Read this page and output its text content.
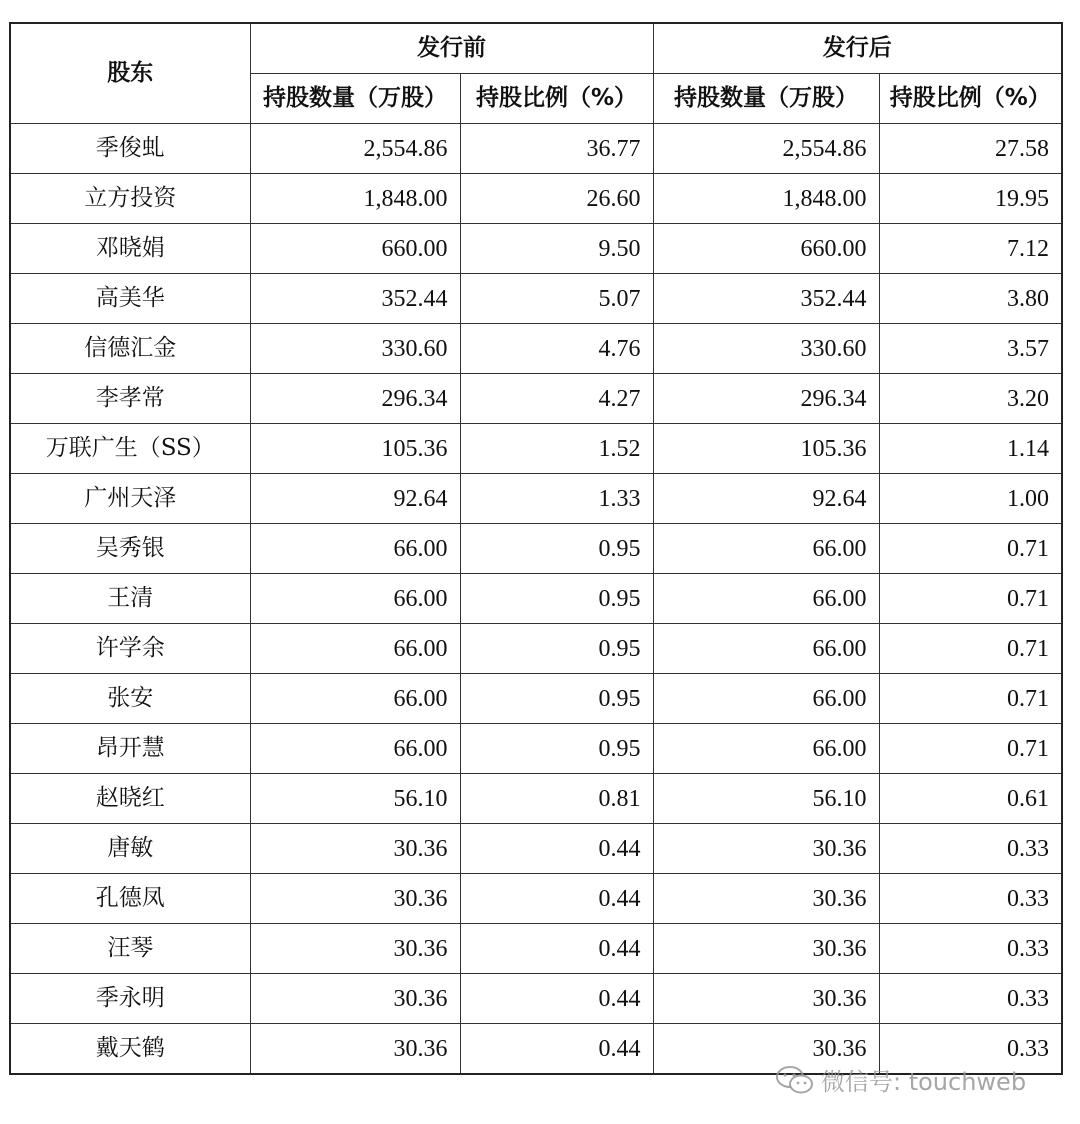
股东	发行前		发行后	
	持股数量（万股）	持股比例（%）	持股数量（万股）	持股比例（%）
季俊虬	2,554.86	36.77	2,554.86	27.58
立方投资	1,848.00	26.60	1,848.00	19.95
邓晓娟	660.00	9.50	660.00	7.12
高美华	352.44	5.07	352.44	3.80
信德汇金	330.60	4.76	330.60	3.57
李孝常	296.34	4.27	296.34	3.20
万联广生（SS）	105.36	1.52	105.36	1.14
广州天泽	92.64	1.33	92.64	1.00
吴秀银	66.00	0.95	66.00	0.71
王清	66.00	0.95	66.00	0.71
许学余	66.00	0.95	66.00	0.71
张安	66.00	0.95	66.00	0.71
昂开慧	66.00	0.95	66.00	0.71
赵晓红	56.10	0.81	56.10	0.61
唐敏	30.36	0.44	30.36	0.33
孔德凤	30.36	0.44	30.36	0.33
汪琴	30.36	0.44	30.36	0.33
季永明	30.36	0.44	30.36	0.33
戴天鹤	30.36	0.44	30.36	0.33
微信号: touchweb
